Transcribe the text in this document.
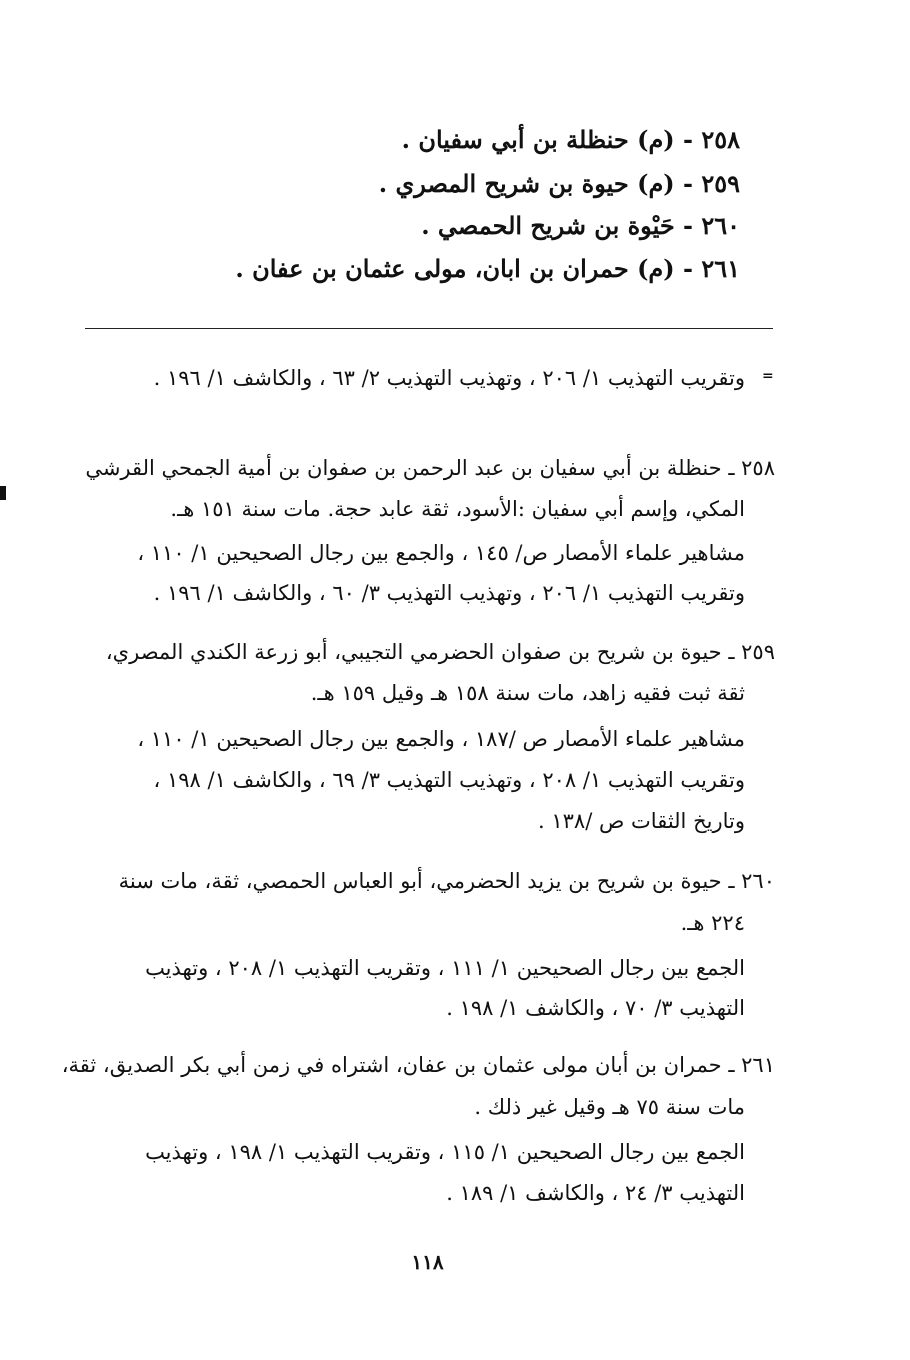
٢٥٨ - (م) حنظلة بن أبي سفيان .
٢٥٩ - (م) حيوة بن شريح المصري .
٢٦٠ - حَيْوة بن شريح الحمصي .
٢٦١ - (م) حمران بن ابان، مولى عثمان بن عفان .
=
وتقريب التهذيب ١/ ٢٠٦ ، وتهذيب التهذيب ٢/ ٦٣ ، والكاشف ١/ ١٩٦ .
٢٥٨ ـ حنظلة بن أبي سفيان بن عبد الرحمن بن صفوان بن أمية الجمحي القرشي
المكي، وإسم أبي سفيان :الأسود، ثقة عابد حجة. مات سنة ١٥١ هـ.
مشاهير علماء الأمصار ص/ ١٤٥ ، والجمع بين رجال الصحيحين ١/ ١١٠ ،
وتقريب التهذيب ١/ ٢٠٦ ، وتهذيب التهذيب ٣/ ٦٠ ، والكاشف ١/ ١٩٦ .
٢٥٩ ـ حيوة بن شريح بن صفوان الحضرمي التجيبي، أبو زرعة الكندي المصري،
ثقة ثبت فقيه زاهد، مات سنة ١٥٨ هـ وقيل ١٥٩ هـ.
مشاهير علماء الأمصار ص /١٨٧ ، والجمع بين رجال الصحيحين ١/ ١١٠ ،
وتقريب التهذيب ١/ ٢٠٨ ، وتهذيب التهذيب ٣/ ٦٩ ، والكاشف ١/ ١٩٨ ،
وتاريخ الثقات ص /١٣٨ .
٢٦٠ ـ حيوة بن شريح بن يزيد الحضرمي، أبو العباس الحمصي، ثقة، مات سنة
٢٢٤ هـ.
الجمع بين رجال الصحيحين ١/ ١١١ ، وتقريب التهذيب ١/ ٢٠٨ ، وتهذيب
التهذيب ٣/ ٧٠ ، والكاشف ١/ ١٩٨ .
٢٦١ ـ حمران بن أبان مولى عثمان بن عفان، اشتراه في زمن أبي بكر الصديق، ثقة،
مات سنة ٧٥ هـ وقيل غير ذلك .
الجمع بين رجال الصحيحين ١/ ١١٥ ، وتقريب التهذيب ١/ ١٩٨ ، وتهذيب
التهذيب ٣/ ٢٤ ، والكاشف ١/ ١٨٩ .
١١٨
